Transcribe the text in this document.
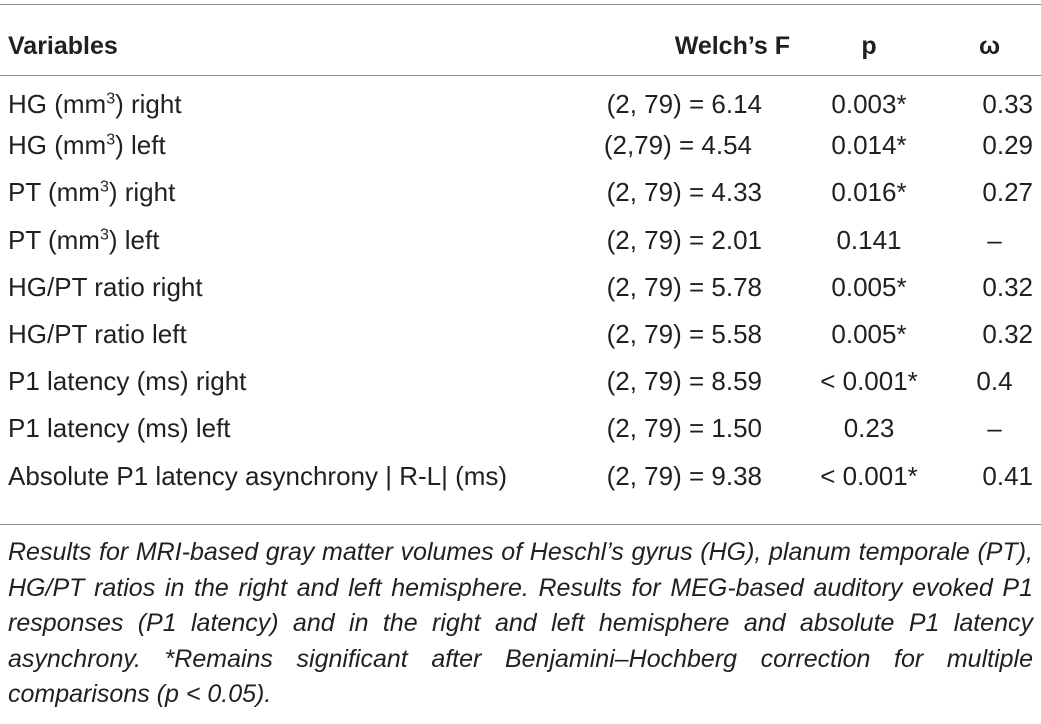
Variables	Welch’s F	p	ω
HG $(mm^3)$ right	(2, 79) = 6.14	0.003*	0.33
HG $(mm^3)$ left	(2,79) = 4.54	0.014*	0.29
PT $(mm^3)$ right	(2, 79) = 4.33	0.016*	0.27
PT $(mm^3)$ left	(2, 79) = 2.01	0.141	–
HG/PT ratio right	(2, 79) = 5.78	0.005*	0.32
HG/PT ratio left	(2, 79) = 5.58	0.005*	0.32
P1 latency (ms) right	(2, 79) = 8.59	< 0.001*	0.4
P1 latency (ms) left	(2, 79) = 1.50	0.23	–
Absolute P1 latency asynchrony | R-L| (ms)	(2, 79) = 9.38	< 0.001*	0.41
Results for MRI-based gray matter volumes of Heschl’s gyrus (HG), planum temporale (PT), HG/PT ratios in the right and left hemisphere. Results for MEG-based auditory evoked P1 responses (P1 latency) and in the right and left hemisphere and absolute P1 latency asynchrony. *Remains significant after Benjamini–Hochberg correction for multiple comparisons (p < 0.05).
